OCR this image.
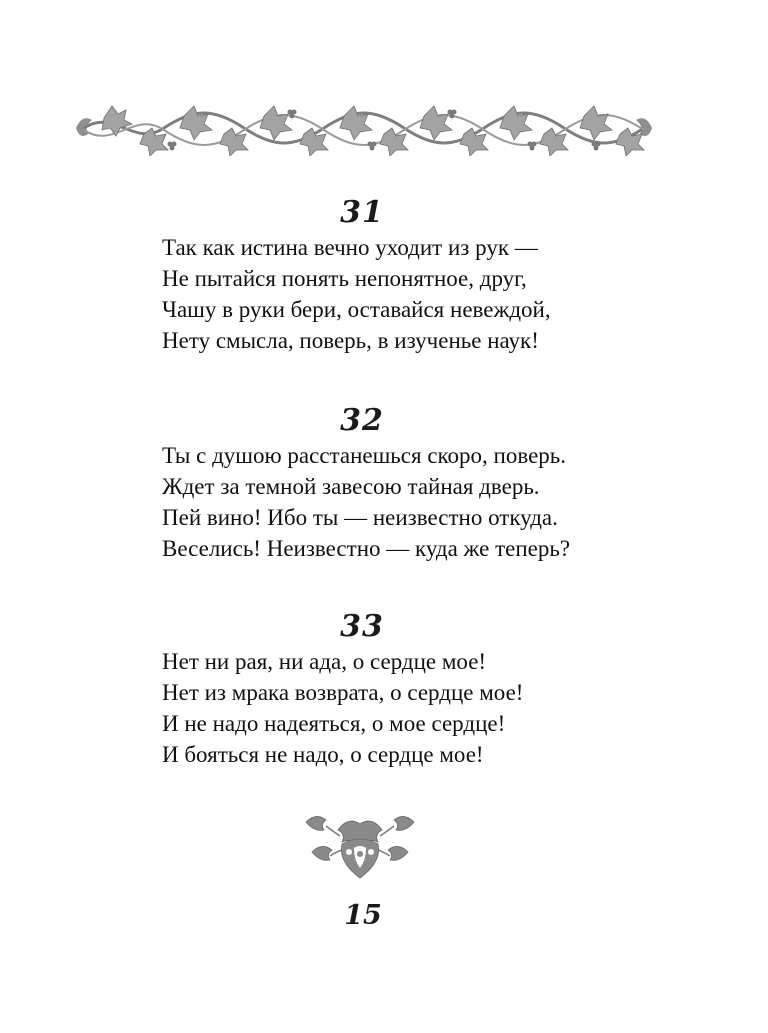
31
Так как истина вечно уходит из рук —
Не пытайся понять непонятное, друг,
Чашу в руки бери, оставайся невеждой,
Нету смысла, поверь, в изученье наук!
32
Ты с душою расстанешься скоро, поверь.
Ждет за темной завесою тайная дверь.
Пей вино! Ибо ты — неизвестно откуда.
Веселись! Неизвестно — куда же теперь?
33
Нет ни рая, ни ада, о сердце мое!
Нет из мрака возврата, о сердце мое!
И не надо надеяться, о мое сердце!
И бояться не надо, о сердце мое!
15
